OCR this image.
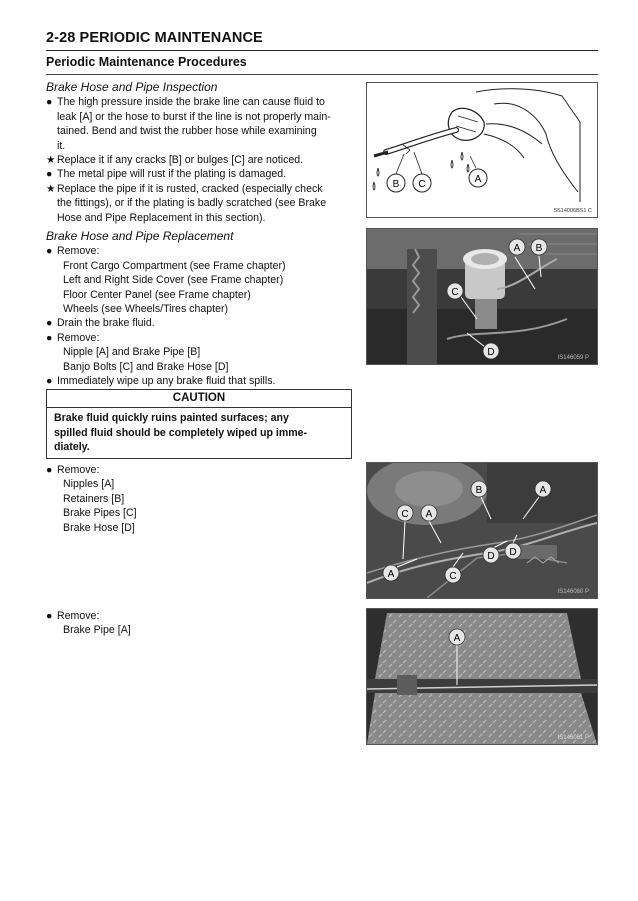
2-28 PERIODIC MAINTENANCE
Periodic Maintenance Procedures
Brake Hose and Pipe Inspection
● The high pressure inside the brake line can cause fluid to
leak [A] or the hose to burst if the line is not properly main-
tained. Bend and twist the rubber hose while examining
it.
★ Replace it if any cracks [B] or bulges [C] are noticed.
● The metal pipe will rust if the plating is damaged.
★ Replace the pipe if it is rusted, cracked (especially check
the fittings), or if the plating is badly scratched (see Brake
Hose and Pipe Replacement in this section).
Brake Hose and Pipe Replacement
● Remove:
Front Cargo Compartment (see Frame chapter)
Left and Right Side Cover (see Frame chapter)
Floor Center Panel (see Frame chapter)
Wheels (see Wheels/Tires chapter)
● Drain the brake fluid.
● Remove:
Nipple [A] and Brake Pipe [B]
Banjo Bolts [C] and Brake Hose [D]
● Immediately wipe up any brake fluid that spills.
CAUTION
Brake fluid quickly ruins painted surfaces; any
spilled fluid should be completely wiped up imme-
diately.
● Remove:
Nipples [A]
Retainers [B]
Brake Pipes [C]
Brake Hose [D]
● Remove:
Brake Pipe [A]
B C	A
SS14006BS1 C
A B
C
D	IS146059 P
B	A
C A
A	C
D D
IS146060 P
A
IS146061 P
